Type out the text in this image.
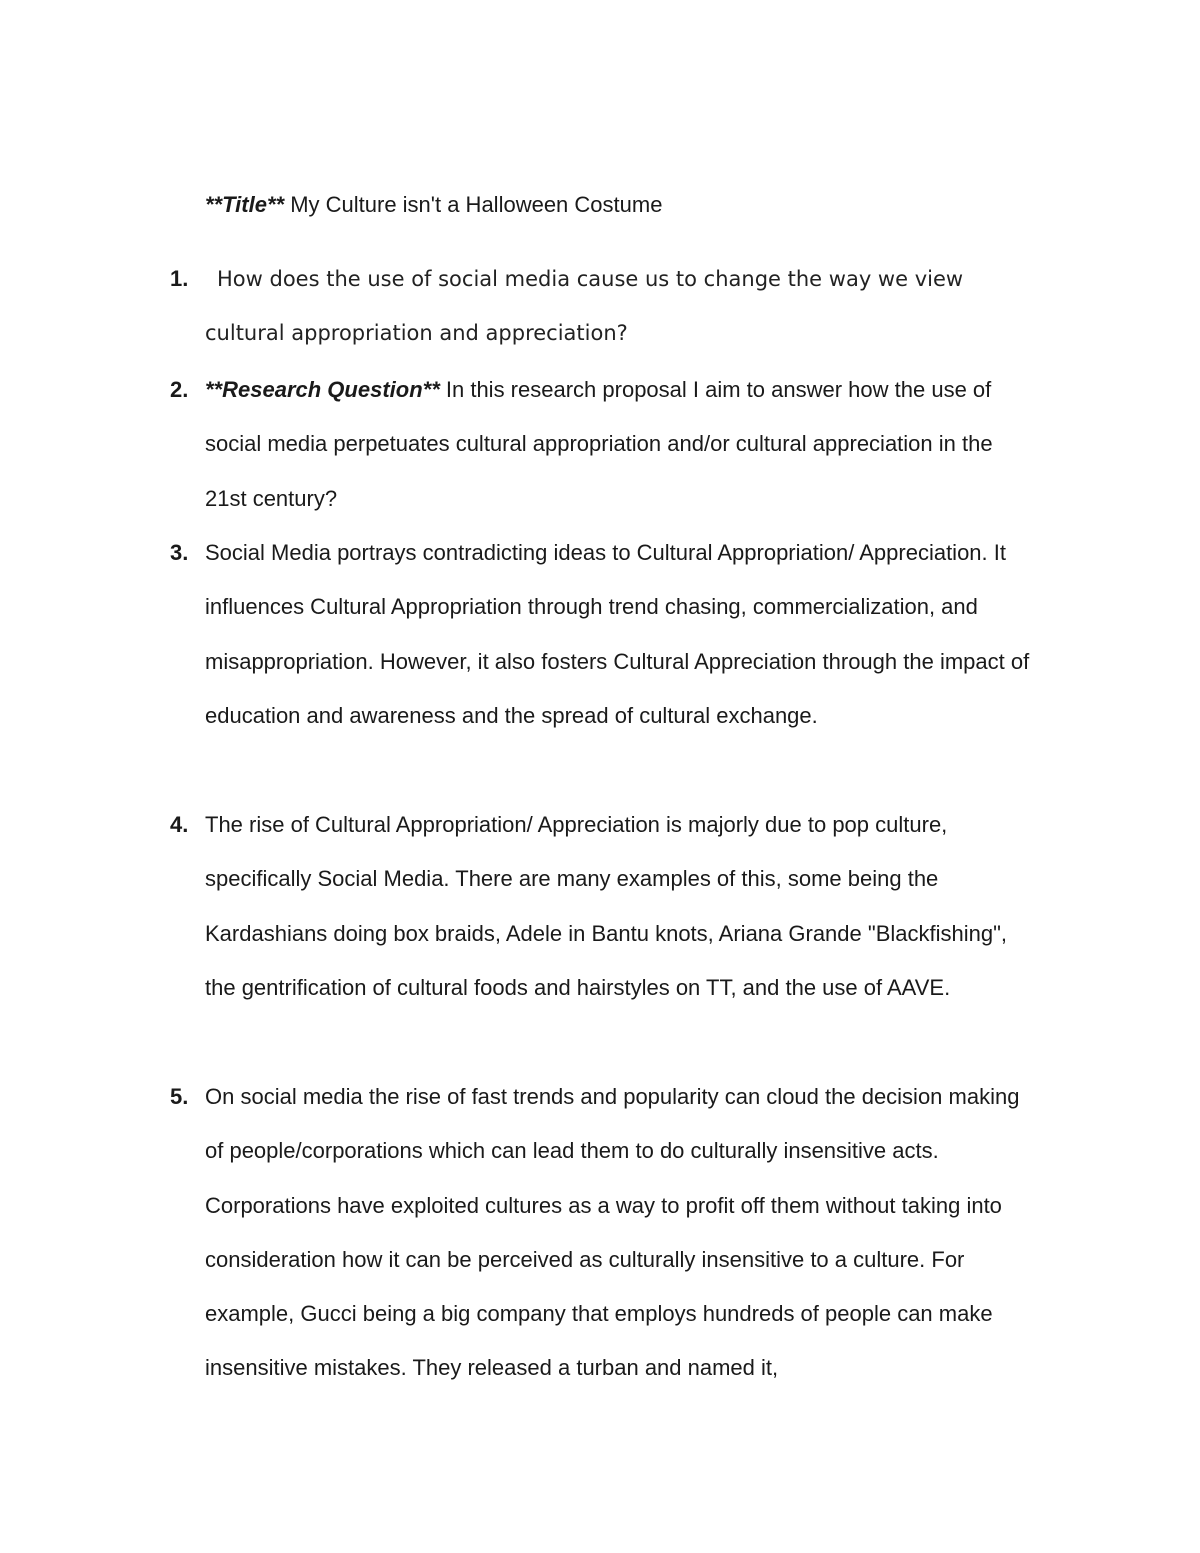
**Title** My Culture isn't a Halloween Costume
1.	How does the use of social media cause us to change the way we view cultural appropriation and appreciation?
2. **Research Question** In this research proposal I aim to answer how the use of social media perpetuates cultural appropriation and/or cultural appreciation in the 21st century?
3. Social Media portrays contradicting ideas to Cultural Appropriation/ Appreciation. It influences Cultural Appropriation through trend chasing, commercialization, and misappropriation. However, it also fosters Cultural Appreciation through the impact of education and awareness and the spread of cultural exchange.
4. The rise of Cultural Appropriation/ Appreciation is majorly due to pop culture, specifically Social Media. There are many examples of this, some being the Kardashians doing box braids, Adele in Bantu knots, Ariana Grande "Blackfishing", the gentrification of cultural foods and hairstyles on TT, and the use of AAVE.
5. On social media the rise of fast trends and popularity can cloud the decision making of people/corporations which can lead them to do culturally insensitive acts. Corporations have exploited cultures as a way to profit off them without taking into consideration how it can be perceived as culturally insensitive to a culture. For example, Gucci being a big company that employs hundreds of people can make insensitive mistakes. They released a turban and named it,
